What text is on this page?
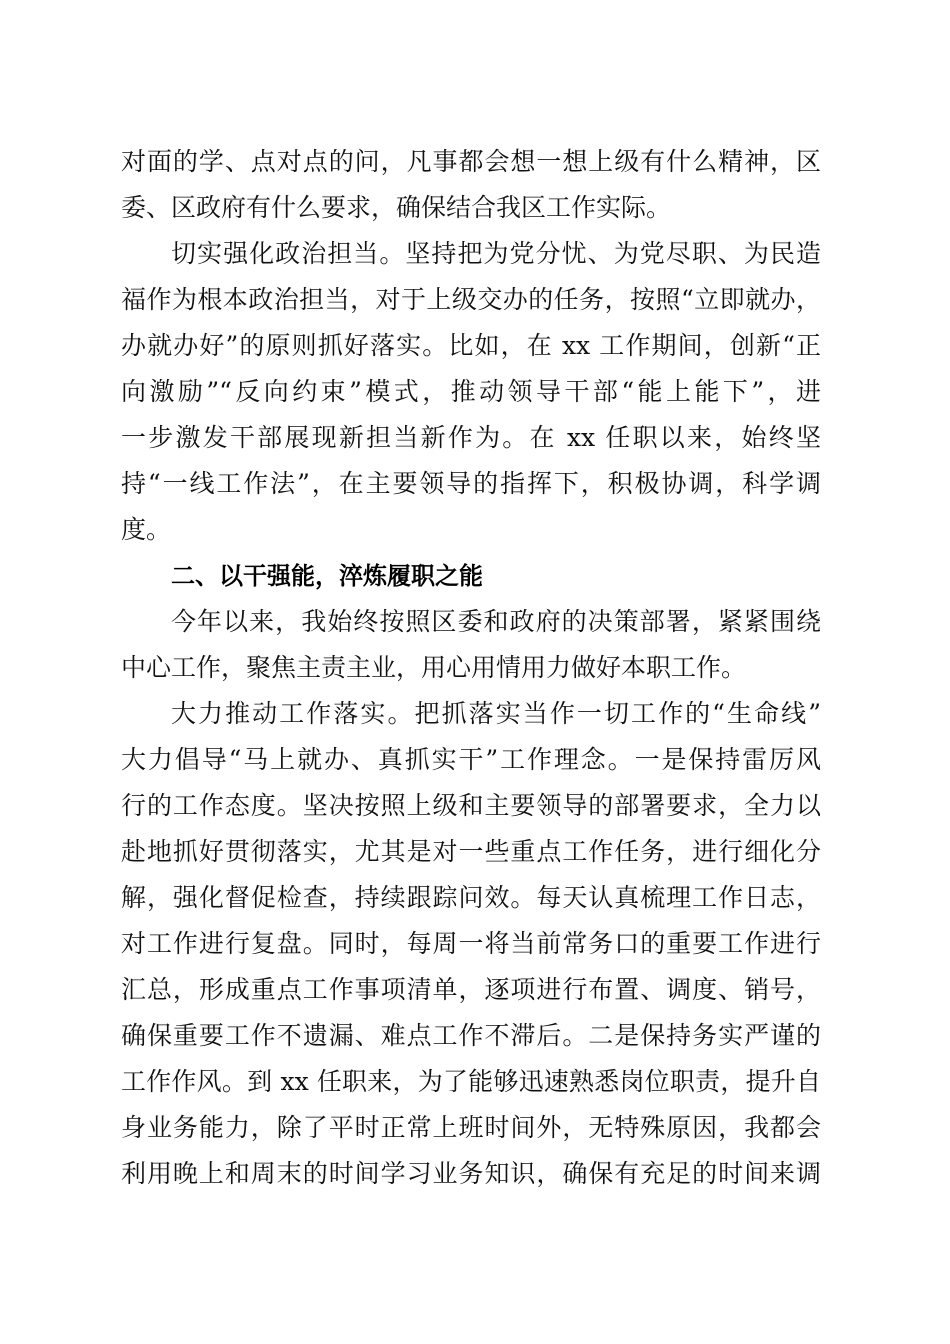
对面的学、点对点的问，凡事都会想一想上级有什么精神，区
委、区政府有什么要求，确保结合我区工作实际。
切实强化政治担当。坚持把为党分忧、为党尽职、为民造
福作为根本政治担当，对于上级交办的任务，按照“立即就办，
办就办好”的原则抓好落实。比如，在 xx 工作期间，创新“正
向激励”“反向约束”模式，推动领导干部“能上能下”，进
一步激发干部展现新担当新作为。在 xx 任职以来，始终坚
持“一线工作法”，在主要领导的指挥下，积极协调，科学调
度。
二、以干强能，淬炼履职之能
今年以来，我始终按照区委和政府的决策部署，紧紧围绕
中心工作，聚焦主责主业，用心用情用力做好本职工作。
大力推动工作落实。把抓落实当作一切工作的“生命线”
大力倡导“马上就办、真抓实干”工作理念。一是保持雷厉风
行的工作态度。坚决按照上级和主要领导的部署要求，全力以
赴地抓好贯彻落实，尤其是对一些重点工作任务，进行细化分
解，强化督促检查，持续跟踪问效。每天认真梳理工作日志，
对工作进行复盘。同时，每周一将当前常务口的重要工作进行
汇总，形成重点工作事项清单，逐项进行布置、调度、销号，
确保重要工作不遗漏、难点工作不滞后。二是保持务实严谨的
工作作风。到 xx 任职来，为了能够迅速熟悉岗位职责，提升自
身业务能力，除了平时正常上班时间外，无特殊原因，我都会
利用晚上和周末的时间学习业务知识，确保有充足的时间来调
